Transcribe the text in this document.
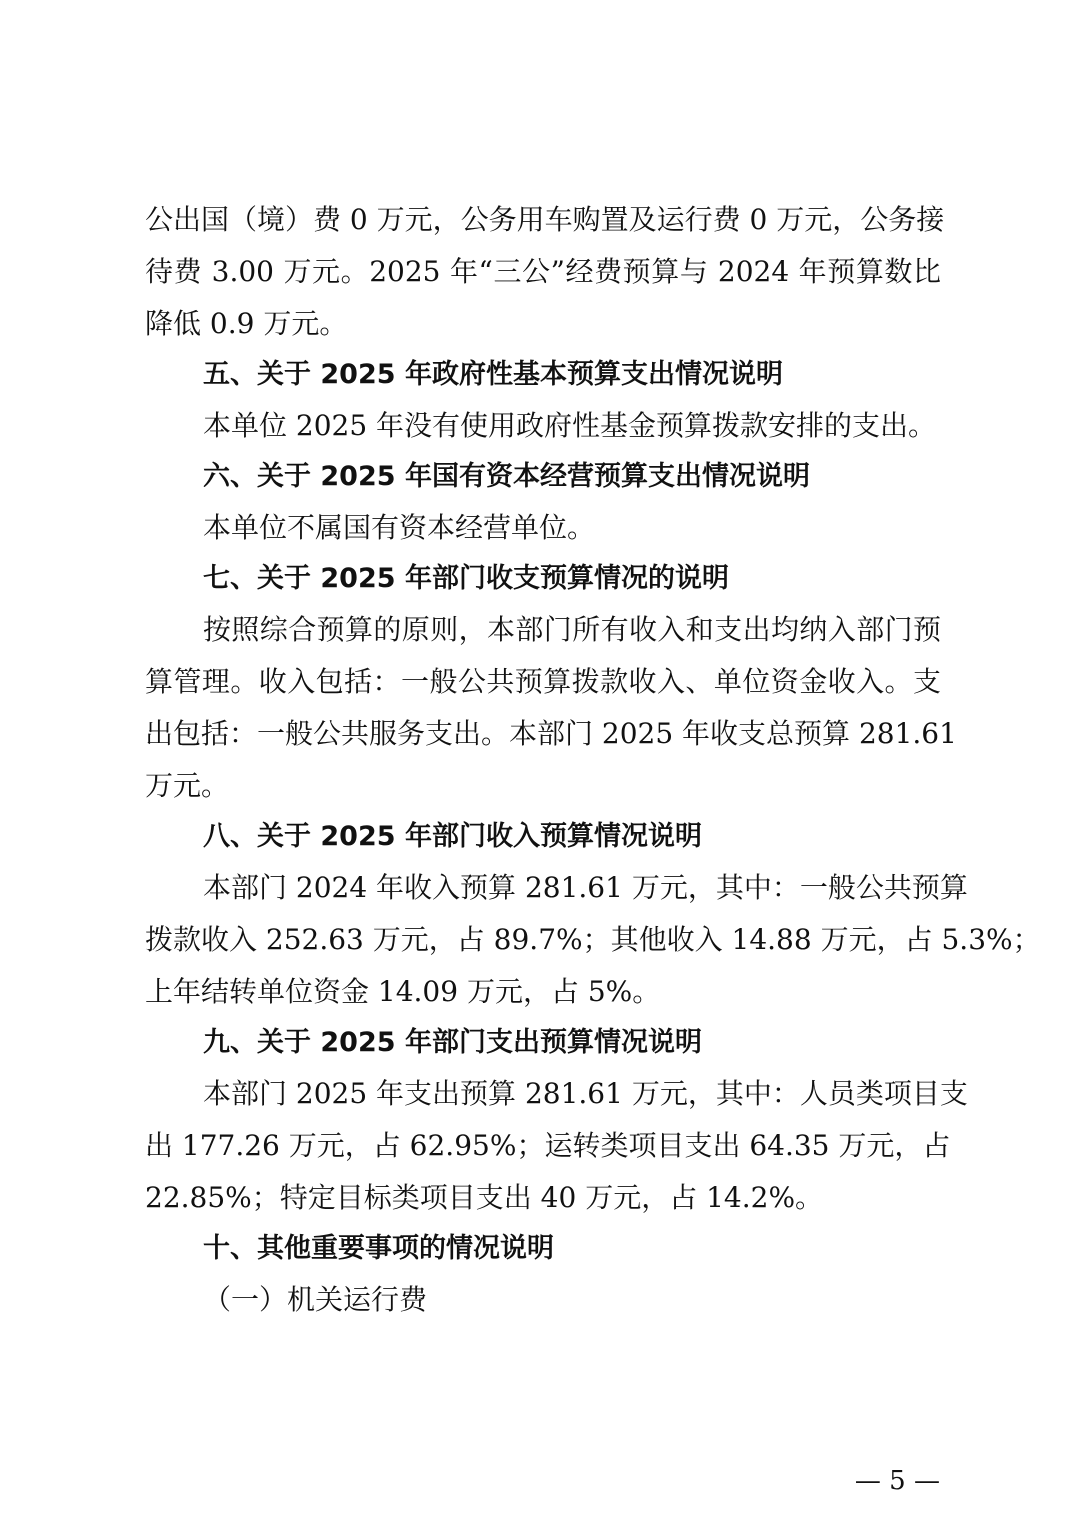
公出国（境）费 0 万元，公务用车购置及运行费 0 万元，公务接
待费 3.00 万元。2025 年“三公”经费预算与 2024 年预算数比
降低 0.9 万元。
五、关于 2025 年政府性基本预算支出情况说明
本单位 2025 年没有使用政府性基金预算拨款安排的支出。
六、关于 2025 年国有资本经营预算支出情况说明
本单位不属国有资本经营单位。
七、关于 2025 年部门收支预算情况的说明
按照综合预算的原则，本部门所有收入和支出均纳入部门预
算管理。收入包括：一般公共预算拨款收入、单位资金收入。支
出包括：一般公共服务支出。本部门 2025 年收支总预算 281.61
万元。
八、关于 2025 年部门收入预算情况说明
本部门 2024 年收入预算 281.61 万元，其中：一般公共预算
拨款收入 252.63 万元，占 89.7%；其他收入 14.88 万元，占 5.3%；
上年结转单位资金 14.09 万元，占 5%。
九、关于 2025 年部门支出预算情况说明
本部门 2025 年支出预算 281.61 万元，其中：人员类项目支
出 177.26 万元，占 62.95%；运转类项目支出 64.35 万元，占
22.85%；特定目标类项目支出 40 万元，占 14.2%。
十、其他重要事项的情况说明
（一）机关运行费
— 5 —
